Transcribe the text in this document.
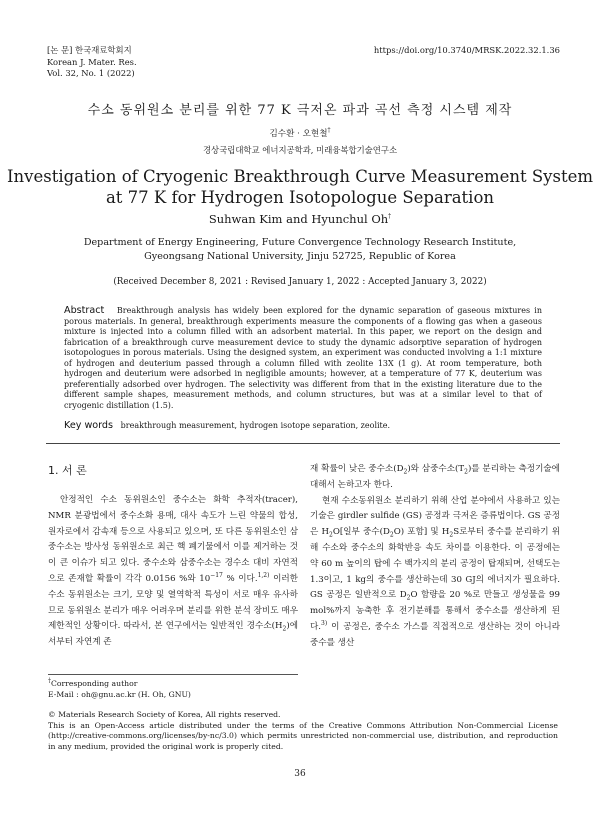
[논 문] 한국재료학회지
Korean J. Mater. Res.
Vol. 32, No. 1 (2022)
https://doi.org/10.3740/MRSK.2022.32.1.36
수소 동위원소 분리를 위한 77 K 극저온 파과 곡선 측정 시스템 제작
김수환 · 오현철†
경상국립대학교 에너지공학과, 미래융복합기술연구소
Investigation of Cryogenic Breakthrough Curve Measurement System
at 77 K for Hydrogen Isotopologue Separation
Suhwan Kim and Hyunchul Oh†
Department of Energy Engineering, Future Convergence Technology Research Institute,
Gyeongsang National University, Jinju 52725, Republic of Korea
(Received December 8, 2021 : Revised January 1, 2022 : Accepted January 3, 2022)
Abstract Breakthrough analysis has widely been explored for the dynamic separation of gaseous mixtures in porous materials. In general, breakthrough experiments measure the components of a flowing gas when a gaseous mixture is injected into a column filled with an adsorbent material. In this paper, we report on the design and fabrication of a breakthrough curve measurement device to study the dynamic adsorptive separation of hydrogen isotopologues in porous materials. Using the designed system, an experiment was conducted involving a 1:1 mixture of hydrogen and deuterium passed through a column filled with zeolite 13X (1 g). At room temperature, both hydrogen and deuterium were adsorbed in negligible amounts; however, at a temperature of 77 K, deuterium was preferentially adsorbed over hydrogen. The selectivity was different from that in the existing literature due to the different sample shapes, measurement methods, and column structures, but was at a similar level to that of cryogenic distillation (1.5).
Key words breakthrough measurement, hydrogen isotope separation, zeolite.
1. 서 론

안정적인 수소 동위원소인 중수소는 화학 추적자(tracer), NMR 분광법에서 중수소화 용매, 대사 속도가 느린 약물의 합성, 원자로에서 감속재 등으로 사용되고 있으며, 또 다른 동위원소인 삼중수소는 방사성 동위원소로 최근 핵 폐기물에서 이를 제거하는 것이 큰 이슈가 되고 있다. 중수소와 삼중수소는 경수소 대비 자연적으로 존재할 확률이 각각 0.0156 %와 $10^{-17}$ % 이다.$^{1,2)}$ 이러한 수소 동위원소는 크기, 모양 및 열역학적 특성이 서로 매우 유사하므로 동위원소 분리가 매우 어려우며 분리를 위한 분석 장비도 매우 제한적인 상황이다. 따라서, 본 연구에서는 일반적인 경수소$(H_2)$에서부터 자연계 존

재 확률이 낮은 중수소$(D_2)$와 삼중수소$(T_2)$를 분리하는 측정기술에 대해서 논하고자 한다.

현재 수소동위원소 분리하기 위해 산업 분야에서 사용하고 있는 기술은 girdler sulfide (GS) 공정과 극저온 증류법이다. GS 공정은 $H_2O$[일부 중수$(D_2O)$ 포함] 및 $H_2S$로부터 중수를 분리하기 위해 수소와 중수소의 화학반응 속도 차이를 이용한다. 이 공정에는 약 60 m 높이의 탑에 수 백가지의 분리 공정이 탑재되며, 선택도는 1.3이고, 1 kg의 중수를 생산하는데 30 GJ의 에너지가 필요하다. GS 공정은 일반적으로 $D_2O$ 함량을 20 %로 만들고 생성물을 99 mol%까지 농축한 후 전기분해를 통해서 중수소를 생산하게 된다.$^{3)}$ 이 공정은, 중수소 가스를 직접적으로 생산하는 것이 아니라 중수를 생산

†Corresponding author
E-Mail : oh@gnu.ac.kr (H. Oh, GNU)
© Materials Research Society of Korea, All rights reserved.
This is an Open-Access article distributed under the terms of the Creative Commons Attribution Non-Commercial License (http://creative-commons.org/licenses/by-nc/3.0) which permits unrestricted non-commercial use, distribution, and reproduction in any medium, provided the original work is properly cited.
36
